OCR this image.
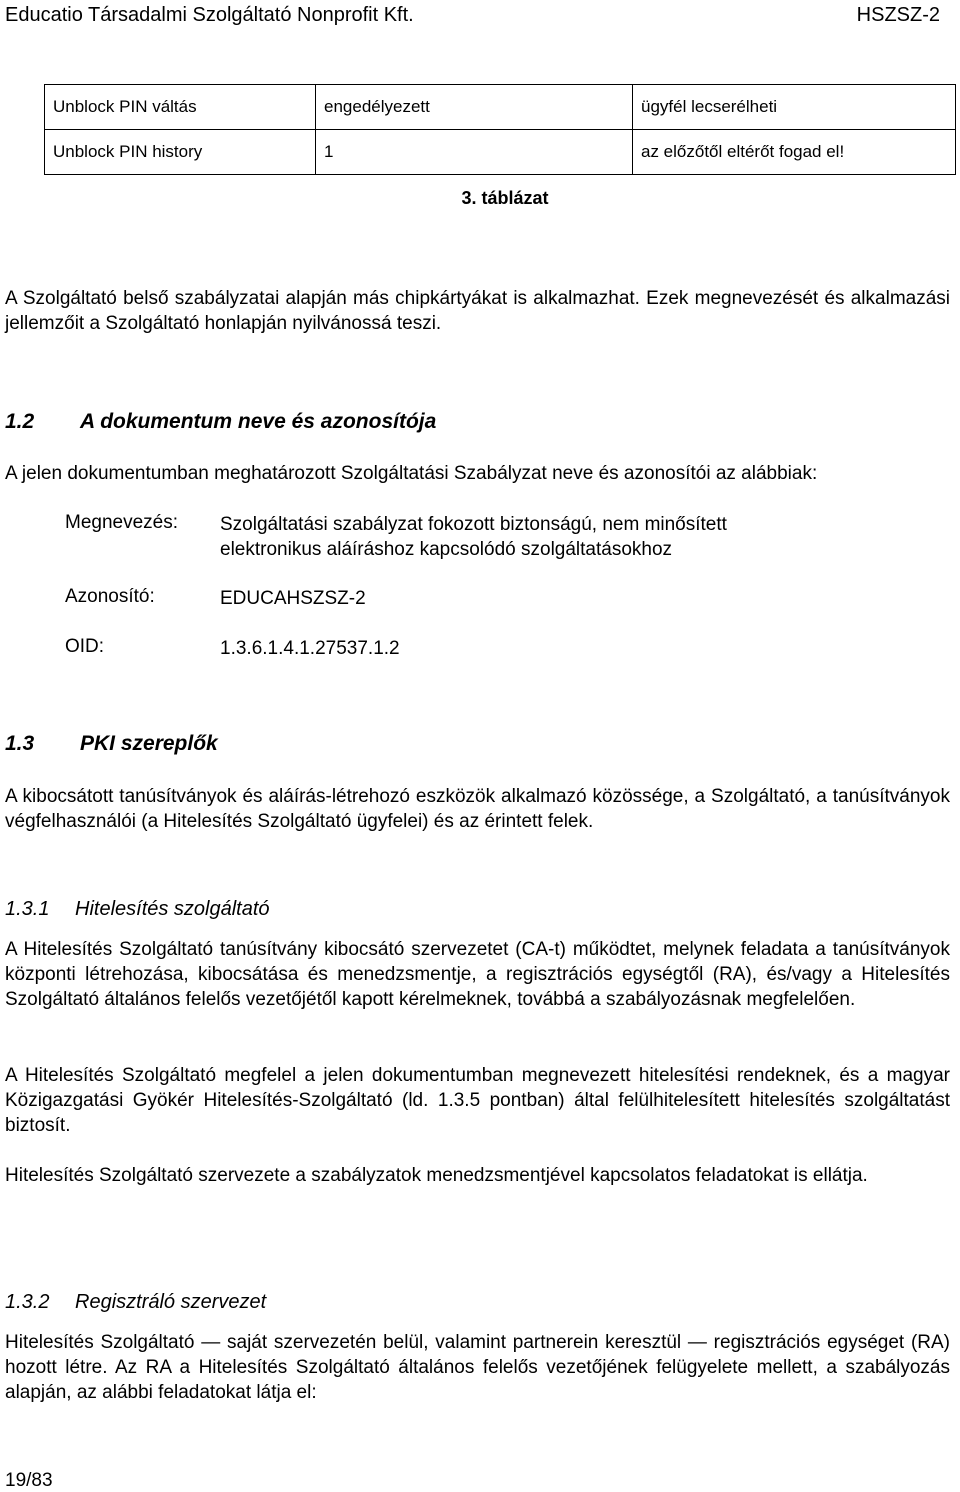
Educatio Társadalmi Szolgáltató Nonprofit Kft.	HSZSZ-2
Unblock PIN váltás	engedélyezett	ügyfél lecserélheti
Unblock PIN history	1	az előzőtől eltérőt fogad el!
3. táblázat
A Szolgáltató belső szabályzatai alapján más chipkártyákat is alkalmazhat. Ezek megnevezését és alkalmazási jellemzőit a Szolgáltató honlapján nyilvánossá teszi.
1.2 A dokumentum neve és azonosítója
A jelen dokumentumban meghatározott Szolgáltatási Szabályzat neve és azonosítói az alábbiak:
Megnevezés: Szolgáltatási szabályzat fokozott biztonságú, nem minősített
elektronikus aláíráshoz kapcsolódó szolgáltatásokhoz
Azonosító:	EDUCAHSZSZ-2
OID:	1.3.6.1.4.1.27537.1.2
1.3 PKI szereplők
A kibocsátott tanúsítványok és aláírás-létrehozó eszközök alkalmazó közössége, a Szolgáltató, a tanúsítványok végfelhasználói (a Hitelesítés Szolgáltató ügyfelei) és az érintett felek.
1.3.1 Hitelesítés szolgáltató
A Hitelesítés Szolgáltató tanúsítvány kibocsátó szervezetet (CA-t) működtet, melynek feladata a tanúsítványok központi létrehozása, kibocsátása és menedzsmentje, a regisztrációs egységtől (RA), és/vagy a Hitelesítés Szolgáltató általános felelős vezetőjétől kapott kérelmeknek, továbbá a szabályozásnak megfelelően.
A Hitelesítés Szolgáltató megfelel a jelen dokumentumban megnevezett hitelesítési rendeknek, és a magyar Közigazgatási Gyökér Hitelesítés-Szolgáltató (ld. 1.3.5 pontban) által felülhitelesített hitelesítés szolgáltatást biztosít.
Hitelesítés Szolgáltató szervezete a szabályzatok menedzsmentjével kapcsolatos feladatokat is ellátja.
1.3.2 Regisztráló szervezet
Hitelesítés Szolgáltató — saját szervezetén belül, valamint partnerein keresztül — regisztrációs egységet (RA) hozott létre. Az RA a Hitelesítés Szolgáltató általános felelős vezetőjének felügyelete mellett, a szabályozás alapján, az alábbi feladatokat látja el:
19/83
